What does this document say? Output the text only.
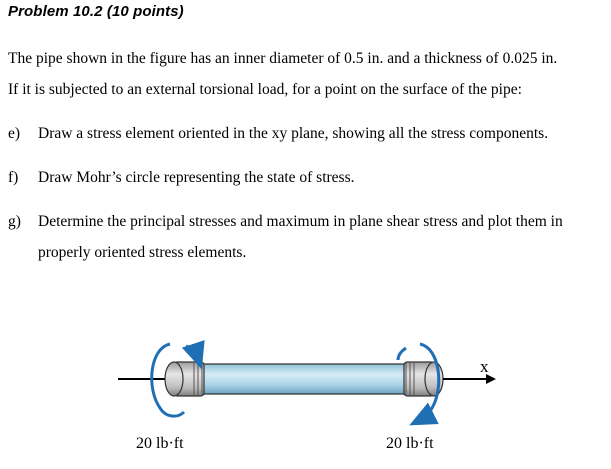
Problem 10.2 (10 points)
The pipe shown in the figure has an inner diameter of 0.5 in. and a thickness of 0.025 in.
If it is subjected to an external torsional load, for a point on the surface of the pipe:
e) Draw a stress element oriented in the xy plane, showing all the stress components.
f) Draw Mohr’s circle representing the state of stress.
g) Determine the principal stresses and maximum in plane shear stress and plot them in
properly oriented stress elements.
x
20 lb·ft	20 lb·ft
